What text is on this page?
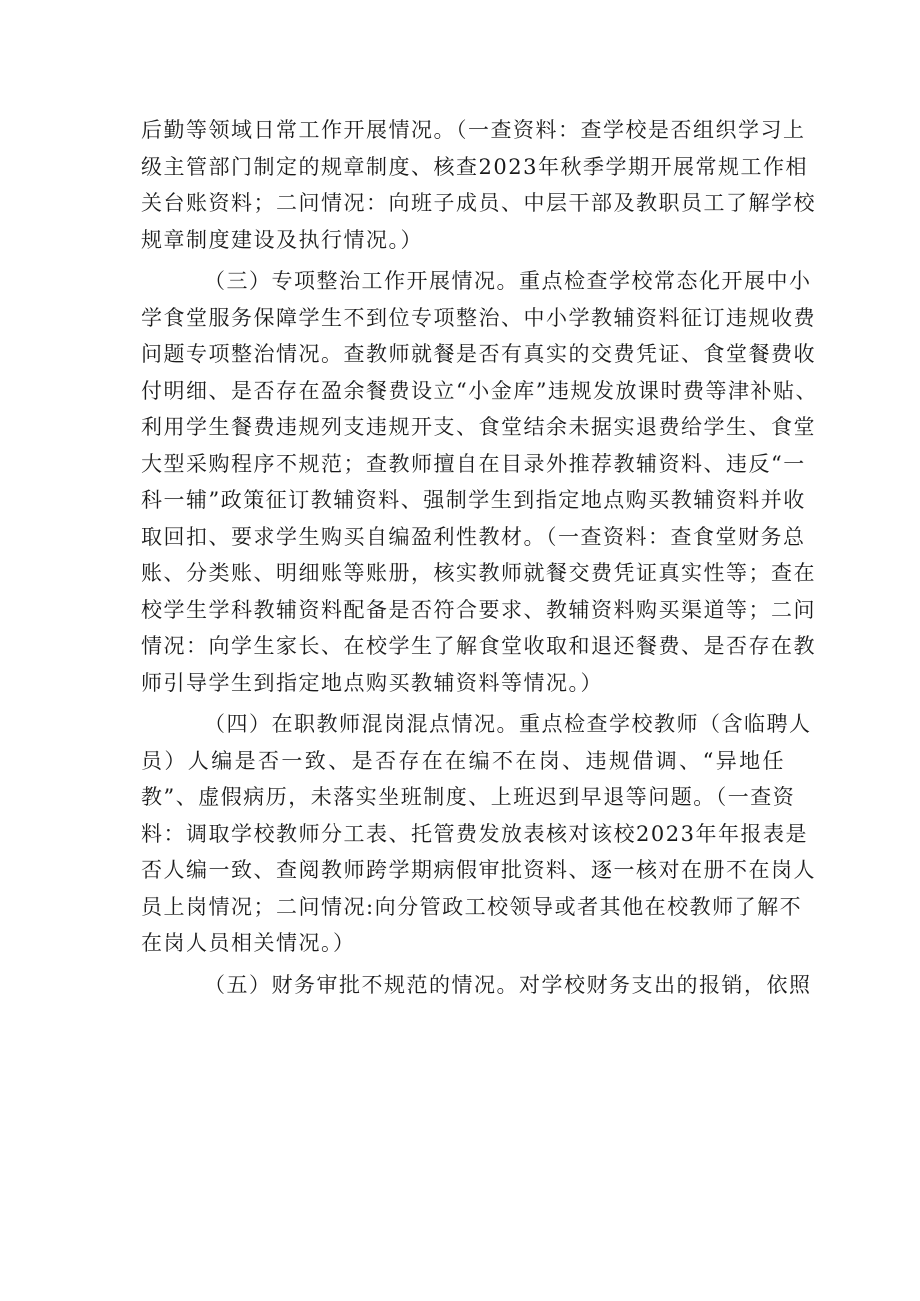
后勤等领域日常工作开展情况。（一查资料：查学校是否组织学习上
级主管部门制定的规章制度、核查2023年秋季学期开展常规工作相
关台账资料；二问情况：向班子成员、中层干部及教职员工了解学校
规章制度建设及执行情况。）
（三）专项整治工作开展情况。重点检查学校常态化开展中小
学食堂服务保障学生不到位专项整治、中小学教辅资料征订违规收费
问题专项整治情况。查教师就餐是否有真实的交费凭证、食堂餐费收
付明细、是否存在盈余餐费设立“小金库”违规发放课时费等津补贴、
利用学生餐费违规列支违规开支、食堂结余未据实退费给学生、食堂
大型采购程序不规范；查教师擅自在目录外推荐教辅资料、违反“一
科一辅”政策征订教辅资料、强制学生到指定地点购买教辅资料并收
取回扣、要求学生购买自编盈利性教材。（一查资料：查食堂财务总
账、分类账、明细账等账册，核实教师就餐交费凭证真实性等；查在
校学生学科教辅资料配备是否符合要求、教辅资料购买渠道等；二问
情况：向学生家长、在校学生了解食堂收取和退还餐费、是否存在教
师引导学生到指定地点购买教辅资料等情况。）
（四）在职教师混岗混点情况。重点检查学校教师（含临聘人
员）人编是否一致、是否存在在编不在岗、违规借调、“异地任
教”、虚假病历，未落实坐班制度、上班迟到早退等问题。（一查资
料：调取学校教师分工表、托管费发放表核对该校2023年年报表是
否人编一致、查阅教师跨学期病假审批资料、逐一核对在册不在岗人
员上岗情况；二问情况:向分管政工校领导或者其他在校教师了解不
在岗人员相关情况。）
（五）财务审批不规范的情况。对学校财务支出的报销，依照
